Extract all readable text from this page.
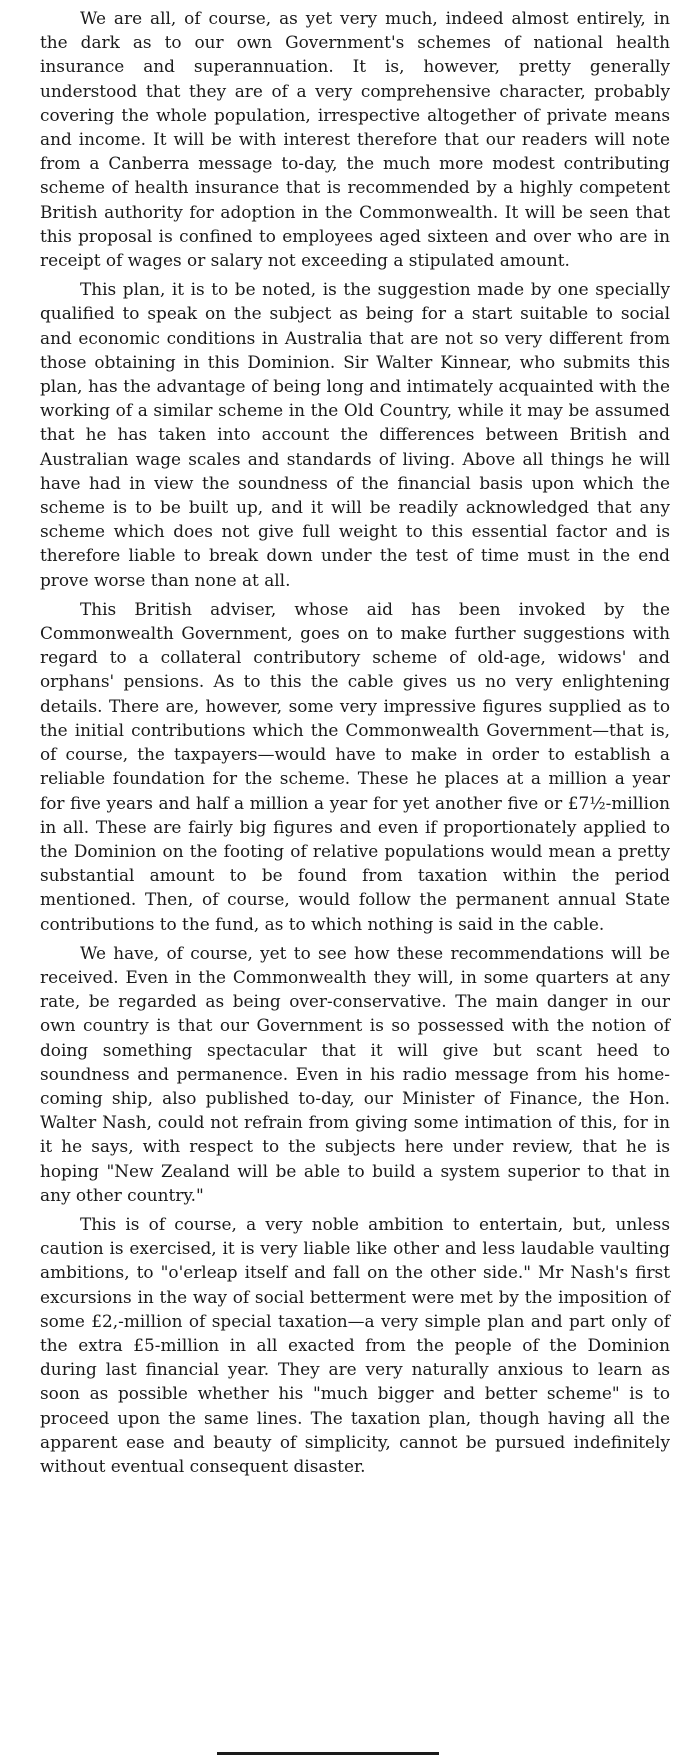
We are all, of course, as yet very much, indeed almost entirely, in the dark as to our own Government's schemes of national health insurance and superannuation. It is, however, pretty generally understood that they are of a very comprehensive character, probably covering the whole population, irrespective altogether of private means and income. It will be with interest therefore that our readers will note from a Canberra message to-day, the much more modest contributing scheme of health insurance that is recommended by a highly competent British authority for adoption in the Commonwealth. It will be seen that this proposal is confined to employees aged sixteen and over who are in receipt of wages or salary not exceeding a stipulated amount.

This plan, it is to be noted, is the suggestion made by one specially qualified to speak on the subject as being for a start suitable to social and economic conditions in Australia that are not so very different from those obtaining in this Dominion. Sir Walter Kinnear, who submits this plan, has the advantage of being long and intimately acquainted with the working of a similar scheme in the Old Country, while it may be assumed that he has taken into account the differences between British and Australian wage scales and standards of living. Above all things he will have had in view the soundness of the financial basis upon which the scheme is to be built up, and it will be readily acknowledged that any scheme which does not give full weight to this essential factor and is therefore liable to break down under the test of time must in the end prove worse than none at all.

This British adviser, whose aid has been invoked by the Commonwealth Government, goes on to make further suggestions with regard to a collateral contributory scheme of old-age, widows' and orphans' pensions. As to this the cable gives us no very enlightening details. There are, however, some very impressive figures supplied as to the initial contributions which the Commonwealth Government—that is, of course, the taxpayers—would have to make in order to establish a reliable foundation for the scheme. These he places at a million a year for five years and half a million a year for yet another five or £7½-million in all. These are fairly big figures and even if proportionately applied to the Dominion on the footing of relative populations would mean a pretty substantial amount to be found from taxation within the period mentioned. Then, of course, would follow the permanent annual State contributions to the fund, as to which nothing is said in the cable.

We have, of course, yet to see how these recommendations will be received. Even in the Commonwealth they will, in some quarters at any rate, be regarded as being over-conservative. The main danger in our own country is that our Government is so possessed with the notion of doing something spectacular that it will give but scant heed to soundness and permanence. Even in his radio message from his home-coming ship, also published to-day, our Minister of Finance, the Hon. Walter Nash, could not refrain from giving some intimation of this, for in it he says, with respect to the subjects here under review, that he is hoping "New Zealand will be able to build a system superior to that in any other country."

This is of course, a very noble ambition to entertain, but, unless caution is exercised, it is very liable like other and less laudable vaulting ambitions, to "o'erleap itself and fall on the other side." Mr Nash's first excursions in the way of social betterment were met by the imposition of some £2,-million of special taxation—a very simple plan and part only of the extra £5-million in all exacted from the people of the Dominion during last financial year. They are very naturally anxious to learn as soon as possible whether his "much bigger and better scheme" is to proceed upon the same lines. The taxation plan, though having all the apparent ease and beauty of simplicity, cannot be pursued indefinitely without eventual consequent disaster.
